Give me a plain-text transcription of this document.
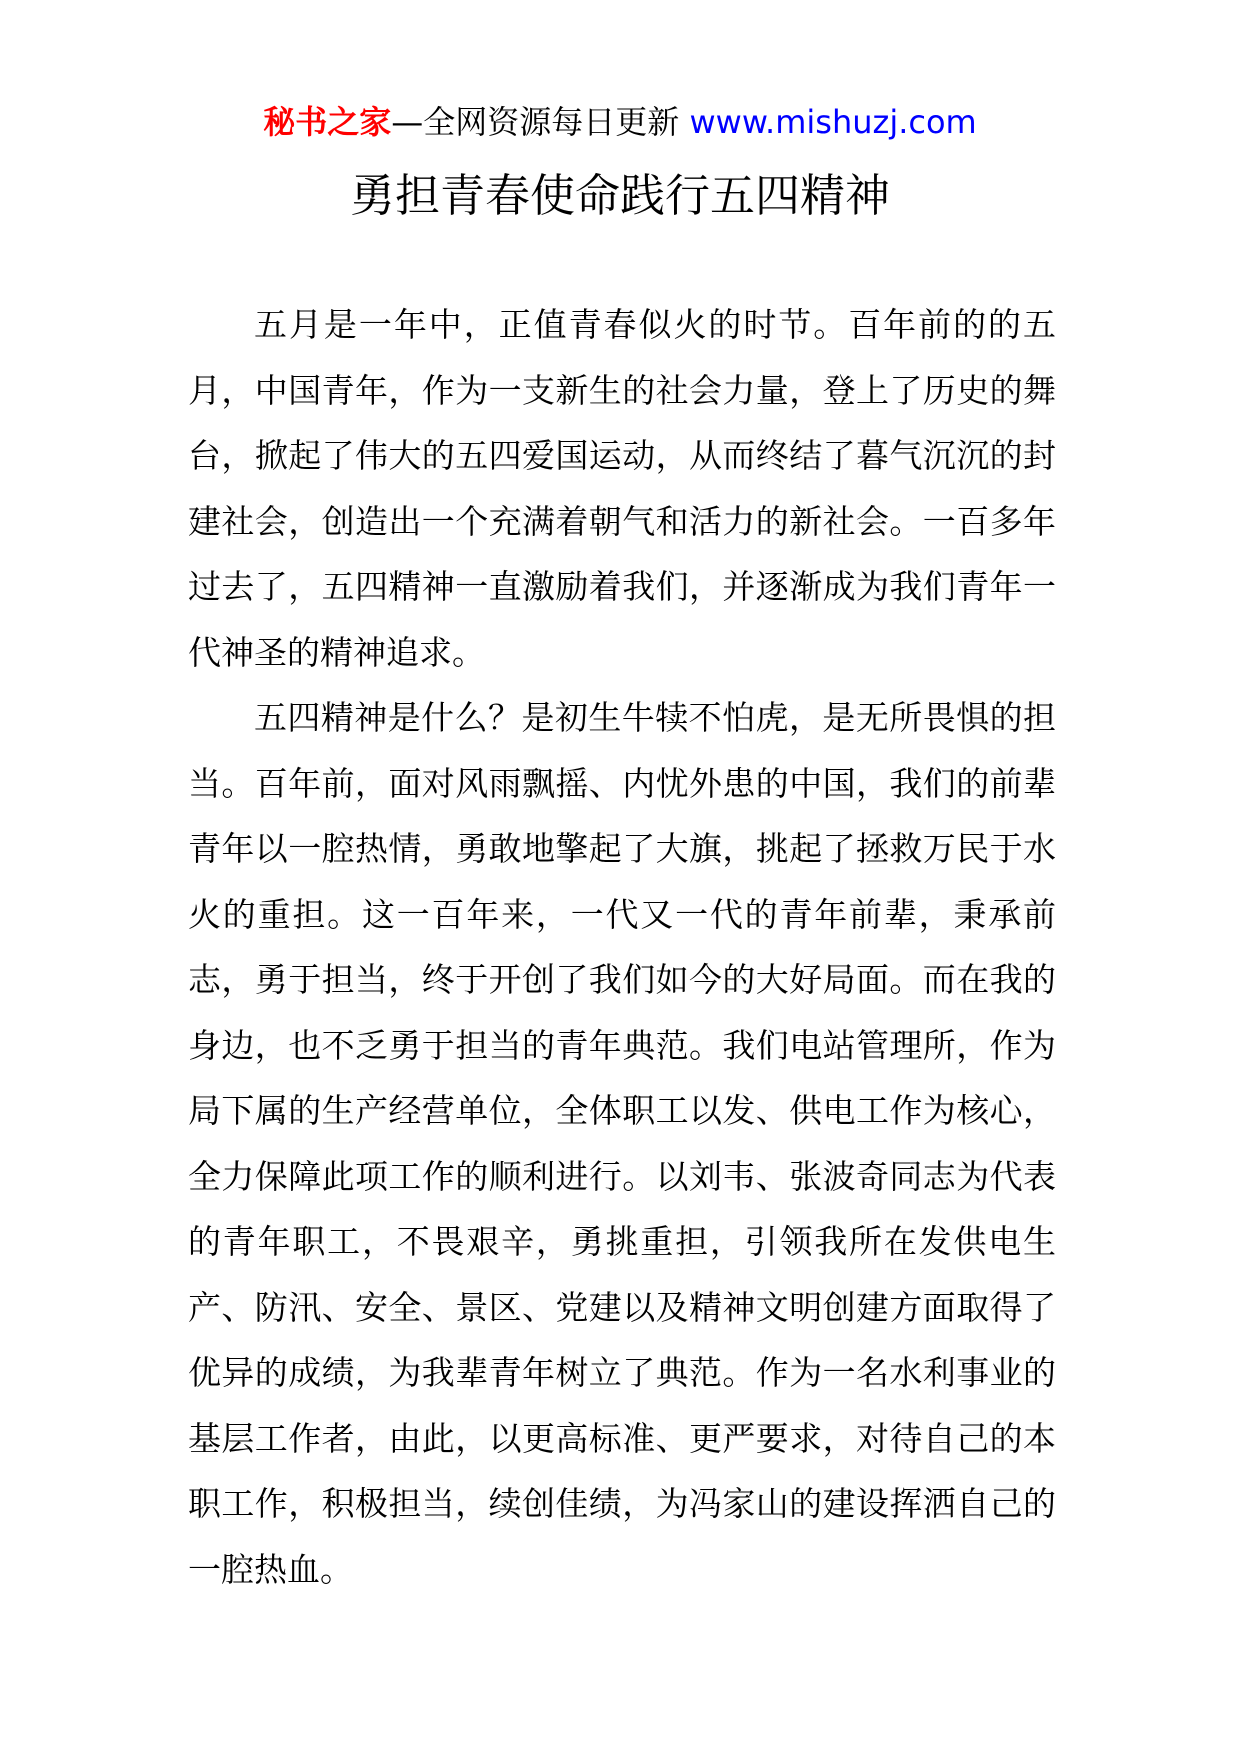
秘书之家—全网资源每日更新 www.mishuzj.com
勇担青春使命践行五四精神

五月是一年中，正值青春似火的时节。百年前的的五月，中国青年，作为一支新生的社会力量，登上了历史的舞台，掀起了伟大的五四爱国运动，从而终结了暮气沉沉的封建社会，创造出一个充满着朝气和活力的新社会。一百多年过去了，五四精神一直激励着我们，并逐渐成为我们青年一代神圣的精神追求。

五四精神是什么？是初生牛犊不怕虎，是无所畏惧的担当。百年前，面对风雨飘摇、内忧外患的中国，我们的前辈青年以一腔热情，勇敢地擎起了大旗，挑起了拯救万民于水火的重担。这一百年来，一代又一代的青年前辈，秉承前志，勇于担当，终于开创了我们如今的大好局面。而在我的身边，也不乏勇于担当的青年典范。我们电站管理所，作为局下属的生产经营单位，全体职工以发、供电工作为核心，全力保障此项工作的顺利进行。以刘韦、张波奇同志为代表的青年职工，不畏艰辛，勇挑重担，引领我所在发供电生产、防汛、安全、景区、党建以及精神文明创建方面取得了优异的成绩，为我辈青年树立了典范。作为一名水利事业的基层工作者，由此，以更高标准、更严要求，对待自己的本职工作，积极担当，续创佳绩，为冯家山的建设挥洒自己的一腔热血。
